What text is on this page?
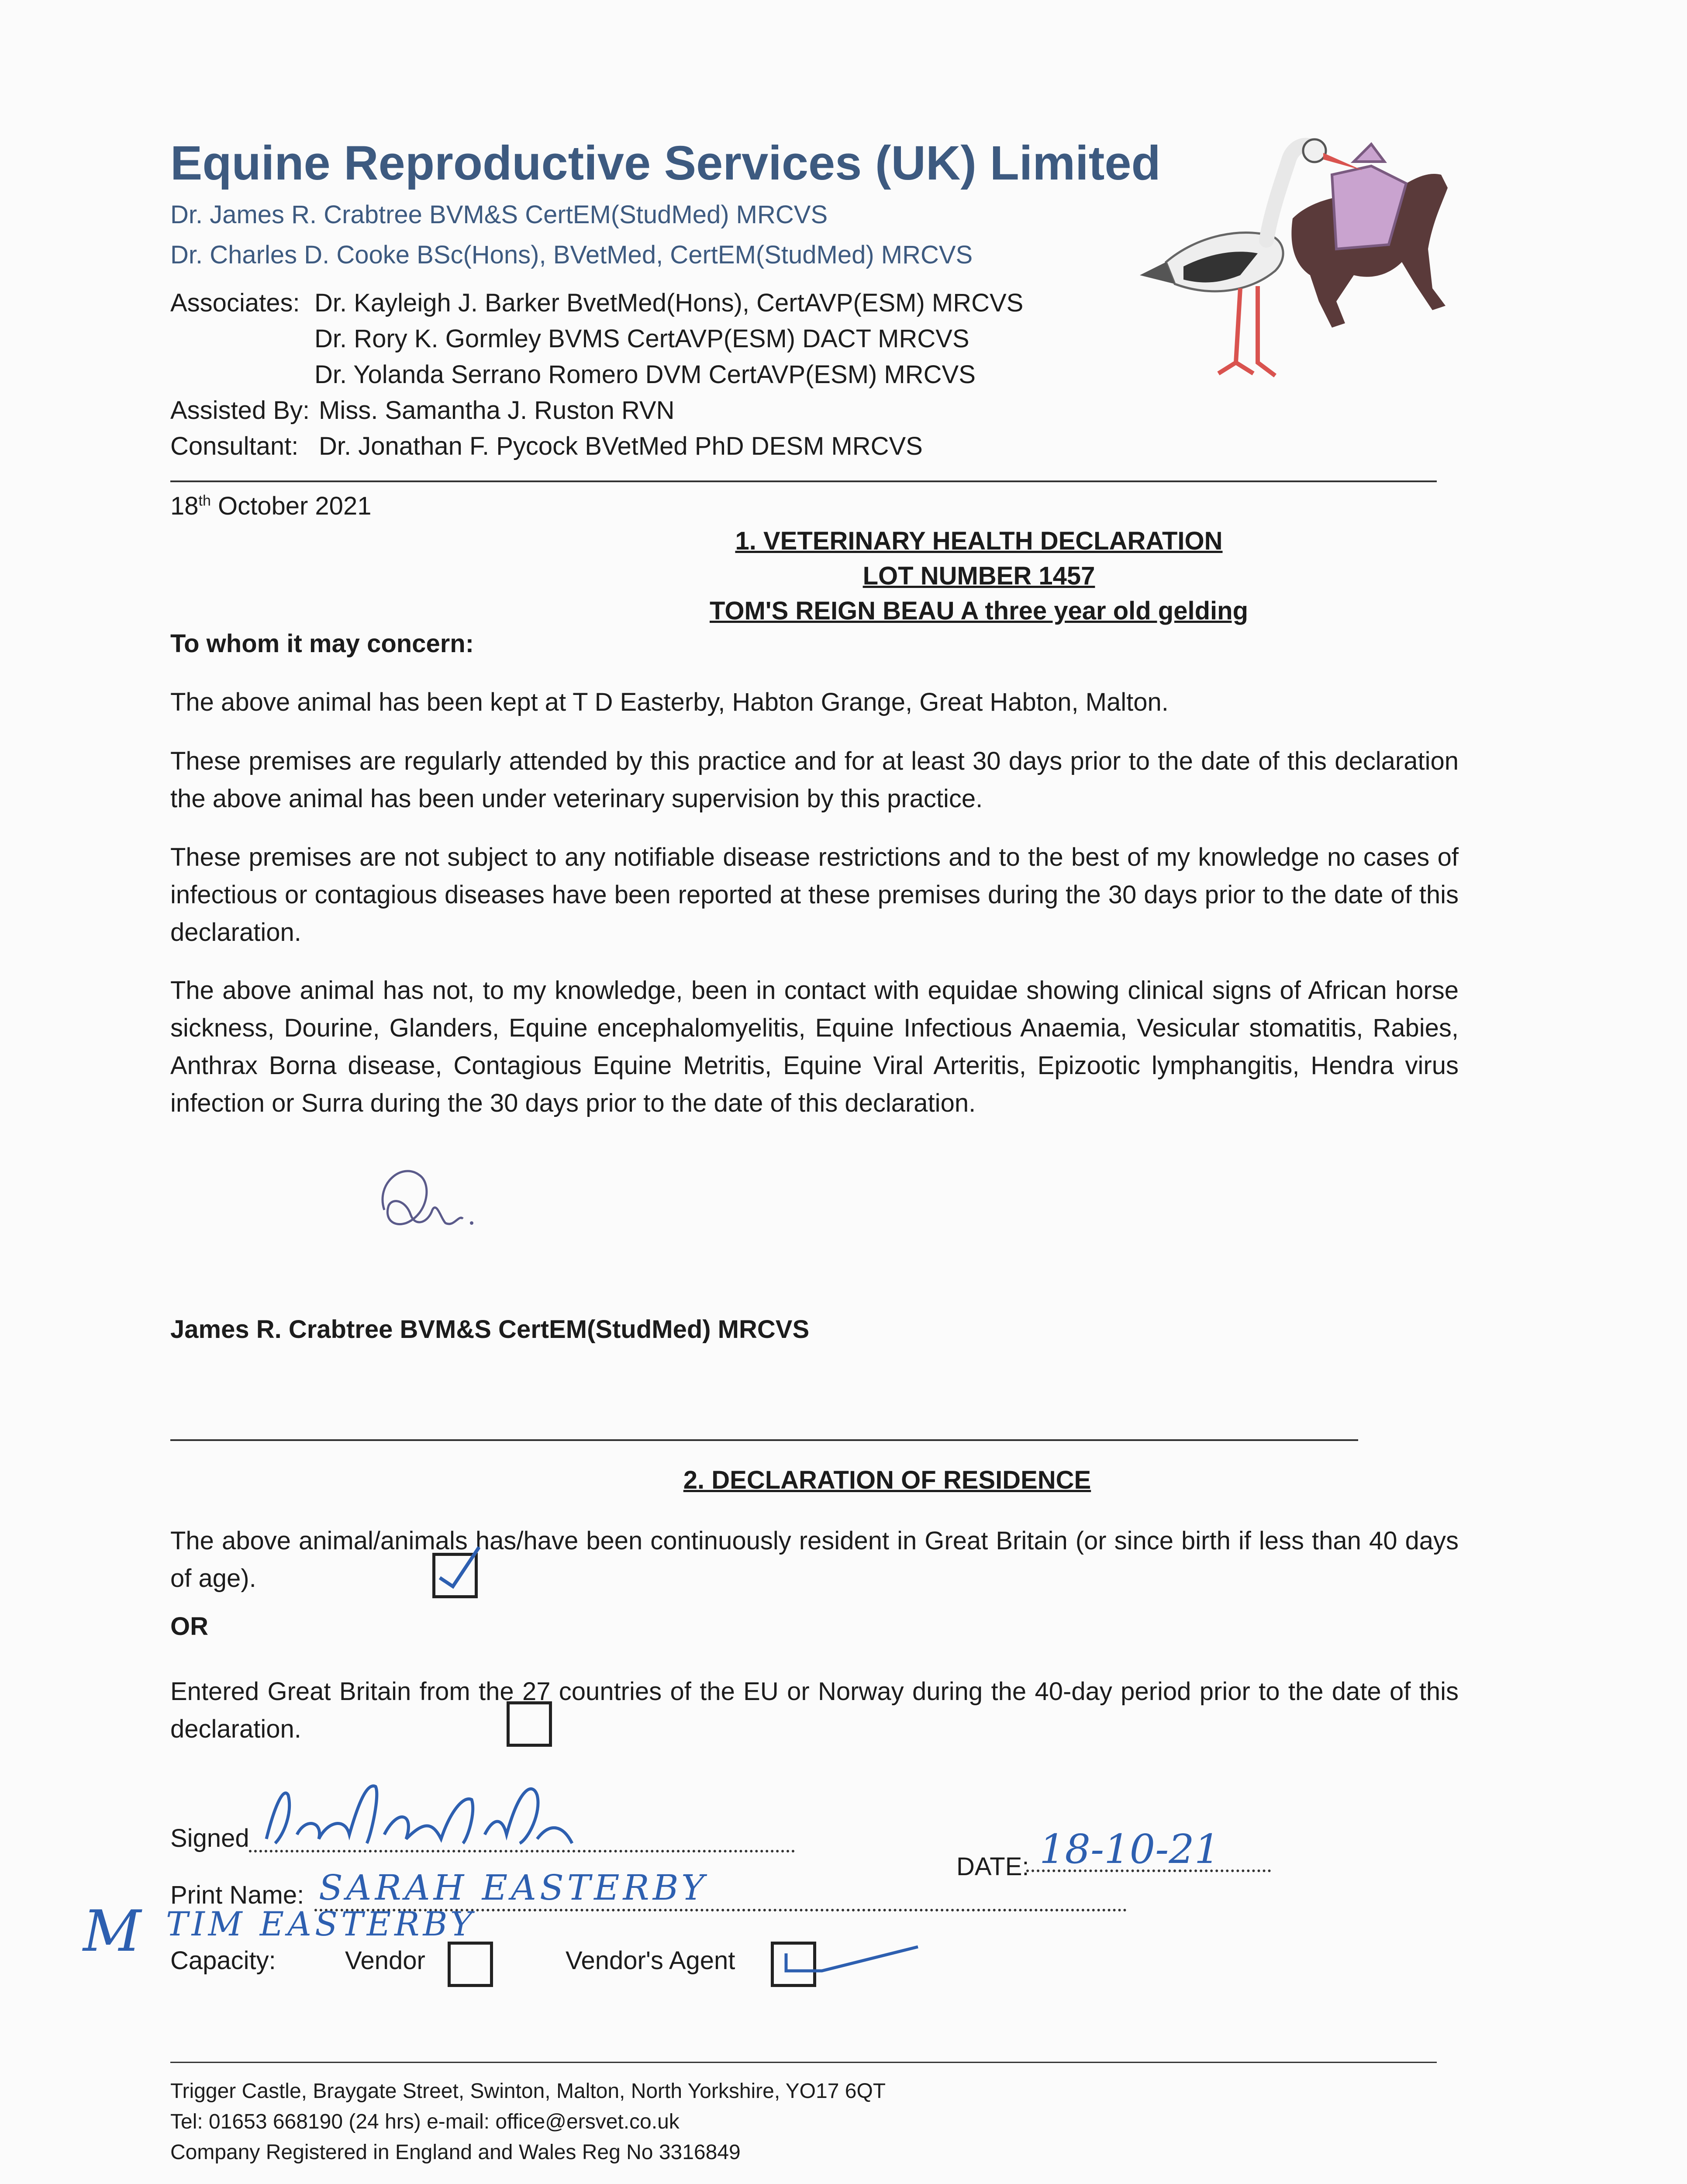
Equine Reproductive Services (UK) Limited
Dr. James R. Crabtree BVM&S CertEM(StudMed) MRCVS
Dr. Charles D. Cooke BSc(Hons), BVetMed, CertEM(StudMed) MRCVS
Associates: Dr. Kayleigh J. Barker BvetMed(Hons), CertAVP(ESM) MRCVS
Dr. Rory K. Gormley BVMS CertAVP(ESM) DACT MRCVS
Dr. Yolanda Serrano Romero DVM CertAVP(ESM) MRCVS
Assisted By: Miss. Samantha J. Ruston RVN
Consultant: Dr. Jonathan F. Pycock BVetMed PhD DESM MRCVS
18th October 2021
1. VETERINARY HEALTH DECLARATION
LOT NUMBER 1457
TOM'S REIGN BEAU A three year old gelding
To whom it may concern:
The above animal has been kept at T D Easterby, Habton Grange, Great Habton, Malton.
These premises are regularly attended by this practice and for at least 30 days prior to the date of this declaration the above animal has been under veterinary supervision by this practice.
These premises are not subject to any notifiable disease restrictions and to the best of my knowledge no cases of infectious or contagious diseases have been reported at these premises during the 30 days prior to the date of this declaration.
The above animal has not, to my knowledge, been in contact with equidae showing clinical signs of African horse sickness, Dourine, Glanders, Equine encephalomyelitis, Equine Infectious Anaemia, Vesicular stomatitis, Rabies, Anthrax Borna disease, Contagious Equine Metritis, Equine Viral Arteritis, Epizootic lymphangitis, Hendra virus infection or Surra during the 30 days prior to the date of this declaration.
James R. Crabtree BVM&S CertEM(StudMed) MRCVS
2. DECLARATION OF RESIDENCE
The above animal/animals has/have been continuously resident in Great Britain (or since birth if less than 40 days of age).
OR
Entered Great Britain from the 27 countries of the EU or Norway during the 40-day period prior to the date of this declaration.
Signed
DATE: 18-10-21
Print Name: SARAH EASTERBY
M TIM EASTERBY
Capacity:	Vendor	Vendor's Agent
Trigger Castle, Braygate Street, Swinton, Malton, North Yorkshire, YO17 6QT
Tel: 01653 668190 (24 hrs) e-mail: office@ersvet.co.uk
Company Registered in England and Wales Reg No 3316849
